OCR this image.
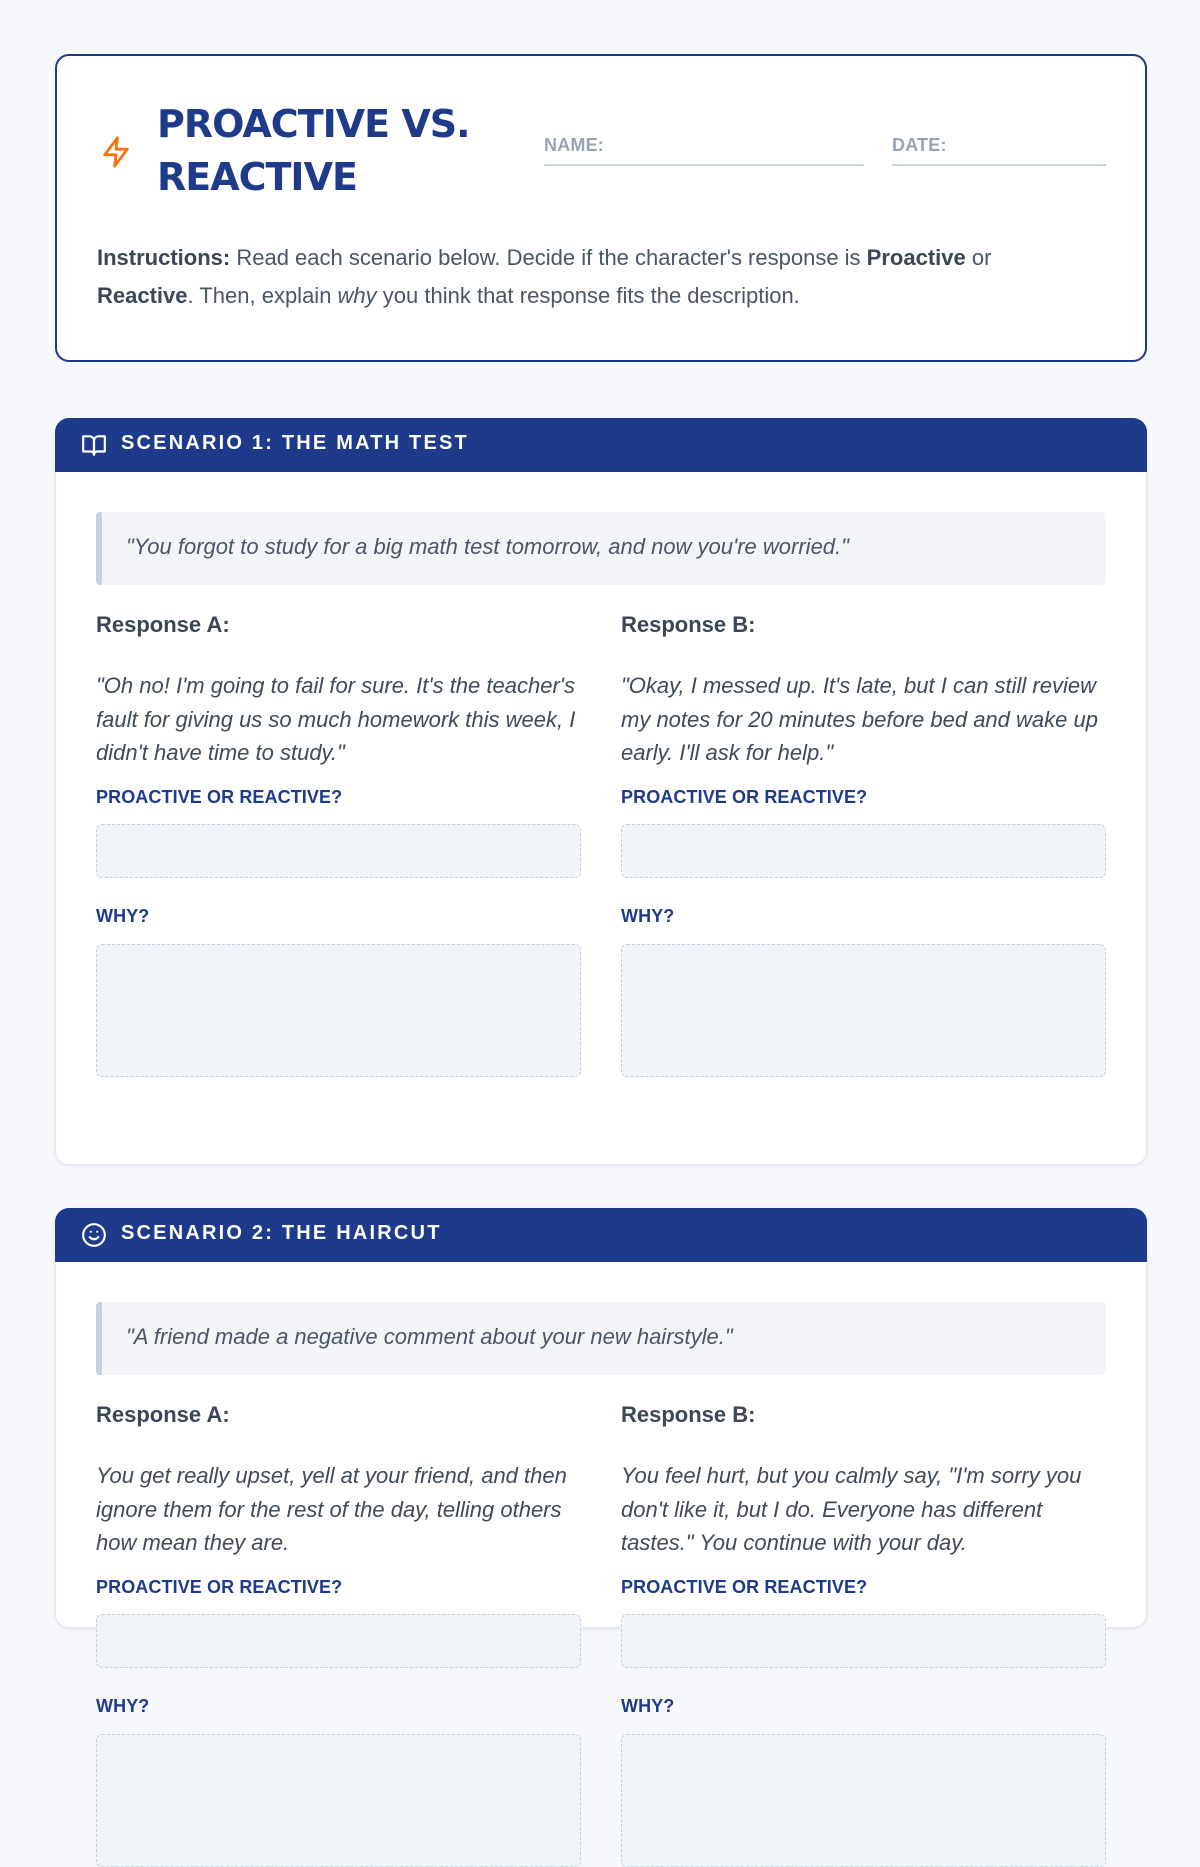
PROACTIVE VS.
REACTIVE
NAME:	DATE:

Instructions: Read each scenario below. Decide if the character's response is Proactive or
Reactive. Then, explain why you think that response fits the description.

SCENARIO 1: THE MATH TEST
"You forgot to study for a big math test tomorrow, and now you're worried."
Response A:
"Oh no! I'm going to fail for sure. It's the teacher's fault for giving us so much homework this week, I didn't have time to study."
PROACTIVE OR REACTIVE?
WHY?
Response B:
"Okay, I messed up. It's late, but I can still review my notes for 20 minutes before bed and wake up early. I'll ask for help."
PROACTIVE OR REACTIVE?
WHY?
SCENARIO 2: THE HAIRCUT
"A friend made a negative comment about your new hairstyle."
Response A:
You get really upset, yell at your friend, and then ignore them for the rest of the day, telling others how mean they are.
PROACTIVE OR REACTIVE?
WHY?
Response B:
You feel hurt, but you calmly say, "I'm sorry you don't like it, but I do. Everyone has different tastes." You continue with your day.
PROACTIVE OR REACTIVE?
WHY?
